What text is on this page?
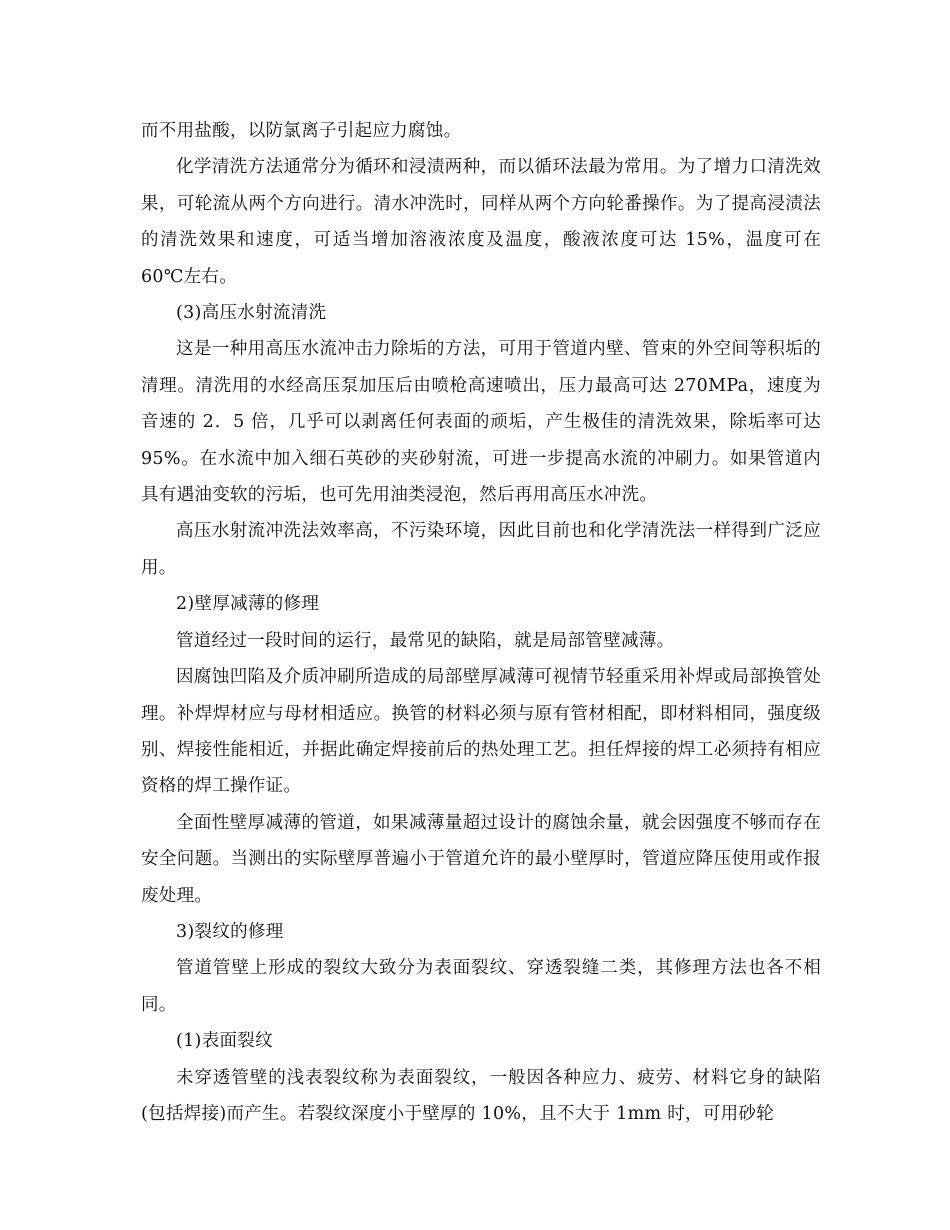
而不用盐酸，以防氯离子引起应力腐蚀。

化学清洗方法通常分为循环和浸渍两种，而以循环法最为常用。为了增力口清洗效果，可轮流从两个方向进行。清水冲洗时，同样从两个方向轮番操作。为了提高浸渍法的清洗效果和速度，可适当增加溶液浓度及温度，酸液浓度可达 15%，温度可在 60℃左右。

(3)高压水射流清洗

这是一种用高压水流冲击力除垢的方法，可用于管道内壁、管束的外空间等积垢的清理。清洗用的水经高压泵加压后由喷枪高速喷出，压力最高可达 270MPa，速度为音速的 2．5 倍，几乎可以剥离任何表面的顽垢，产生极佳的清洗效果，除垢率可达 95%。在水流中加入细石英砂的夹砂射流，可进一步提高水流的冲刷力。如果管道内具有遇油变软的污垢，也可先用油类浸泡，然后再用高压水冲洗。

高压水射流冲洗法效率高，不污染环境，因此目前也和化学清洗法一样得到广泛应用。

2)壁厚减薄的修理

管道经过一段时间的运行，最常见的缺陷，就是局部管壁减薄。

因腐蚀凹陷及介质冲刷所造成的局部壁厚减薄可视情节轻重采用补焊或局部换管处理。补焊焊材应与母材相适应。换管的材料必须与原有管材相配，即材料相同，强度级别、焊接性能相近，并据此确定焊接前后的热处理工艺。担任焊接的焊工必须持有相应资格的焊工操作证。

全面性壁厚减薄的管道，如果减薄量超过设计的腐蚀余量，就会因强度不够而存在安全问题。当测出的实际壁厚普遍小于管道允许的最小壁厚时，管道应降压使用或作报废处理。

3)裂纹的修理

管道管壁上形成的裂纹大致分为表面裂纹、穿透裂缝二类，其修理方法也各不相同。

(1)表面裂纹

未穿透管壁的浅表裂纹称为表面裂纹，一般因各种应力、疲劳、材料它身的缺陷(包括焊接)而产生。若裂纹深度小于壁厚的 10%，且不大于 1mm 时，可用砂轮
